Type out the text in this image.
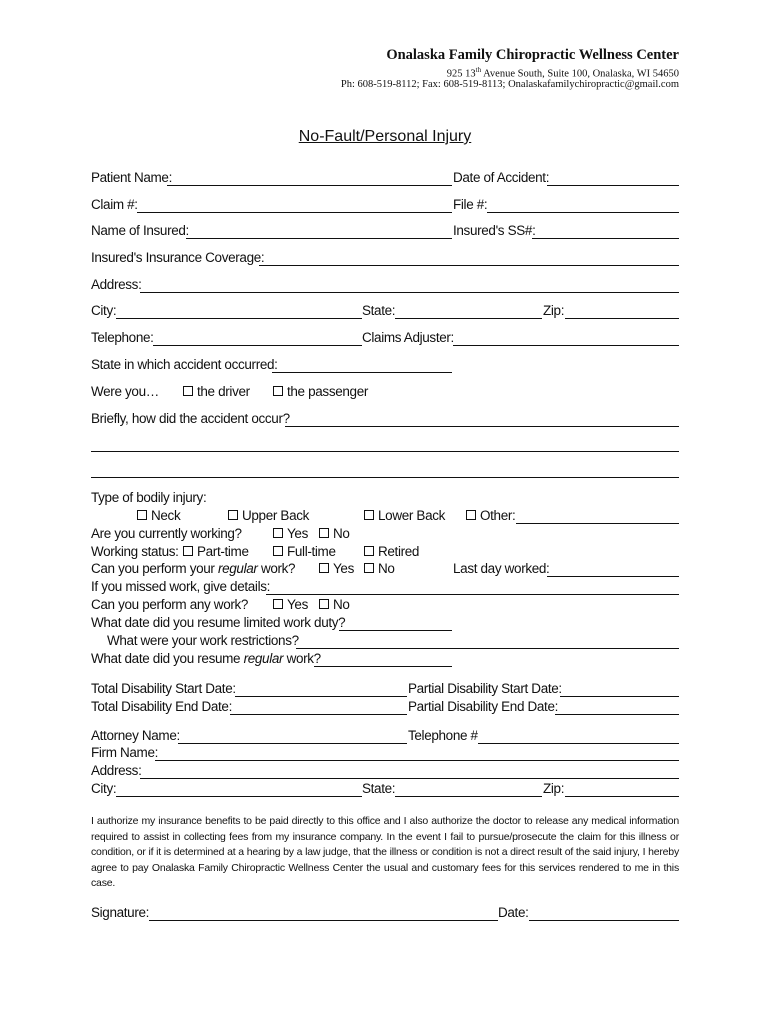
Onalaska Family Chiropractic Wellness Center
925 13th Avenue South, Suite 100, Onalaska, WI 54650
Ph: 608-519-8112; Fax: 608-519-8113; Onalaskafamilychiropractic@gmail.com
No-Fault/Personal Injury
Patient Name:	Date of Accident:
Claim #:	File #:
Name of Insured:	Insured's SS#:
Insured's Insurance Coverage:
Address:
City:	State:	Zip:
Telephone:	Claims Adjuster:
State in which accident occurred:
Were you…	the driver	the passenger
Briefly, how did the accident occur?
Type of bodily injury:
Neck	Upper Back	Lower Back	Other:
Are you currently working?	Yes	No
Working status:	Part-time	Full-time	Retired
Can you perform your regular work?	Yes	No	Last day worked:
If you missed work, give details:
Can you perform any work?	Yes	No
What date did you resume limited work duty?
What were your work restrictions?
What date did you resume regular work?
Total Disability Start Date:	Partial Disability Start Date:
Total Disability End Date:	Partial Disability End Date:
Attorney Name:	Telephone #
Firm Name:
Address:
City:	State:	Zip:
I authorize my insurance benefits to be paid directly to this office and I also authorize the doctor to release any medical information required to assist in collecting fees from my insurance company. In the event I fail to pursue/prosecute the claim for this illness or condition, or if it is determined at a hearing by a law judge, that the illness or condition is not a direct result of the said injury, I hereby agree to pay Onalaska Family Chiropractic Wellness Center the usual and customary fees for this services rendered to me in this case.
Signature:	Date:
